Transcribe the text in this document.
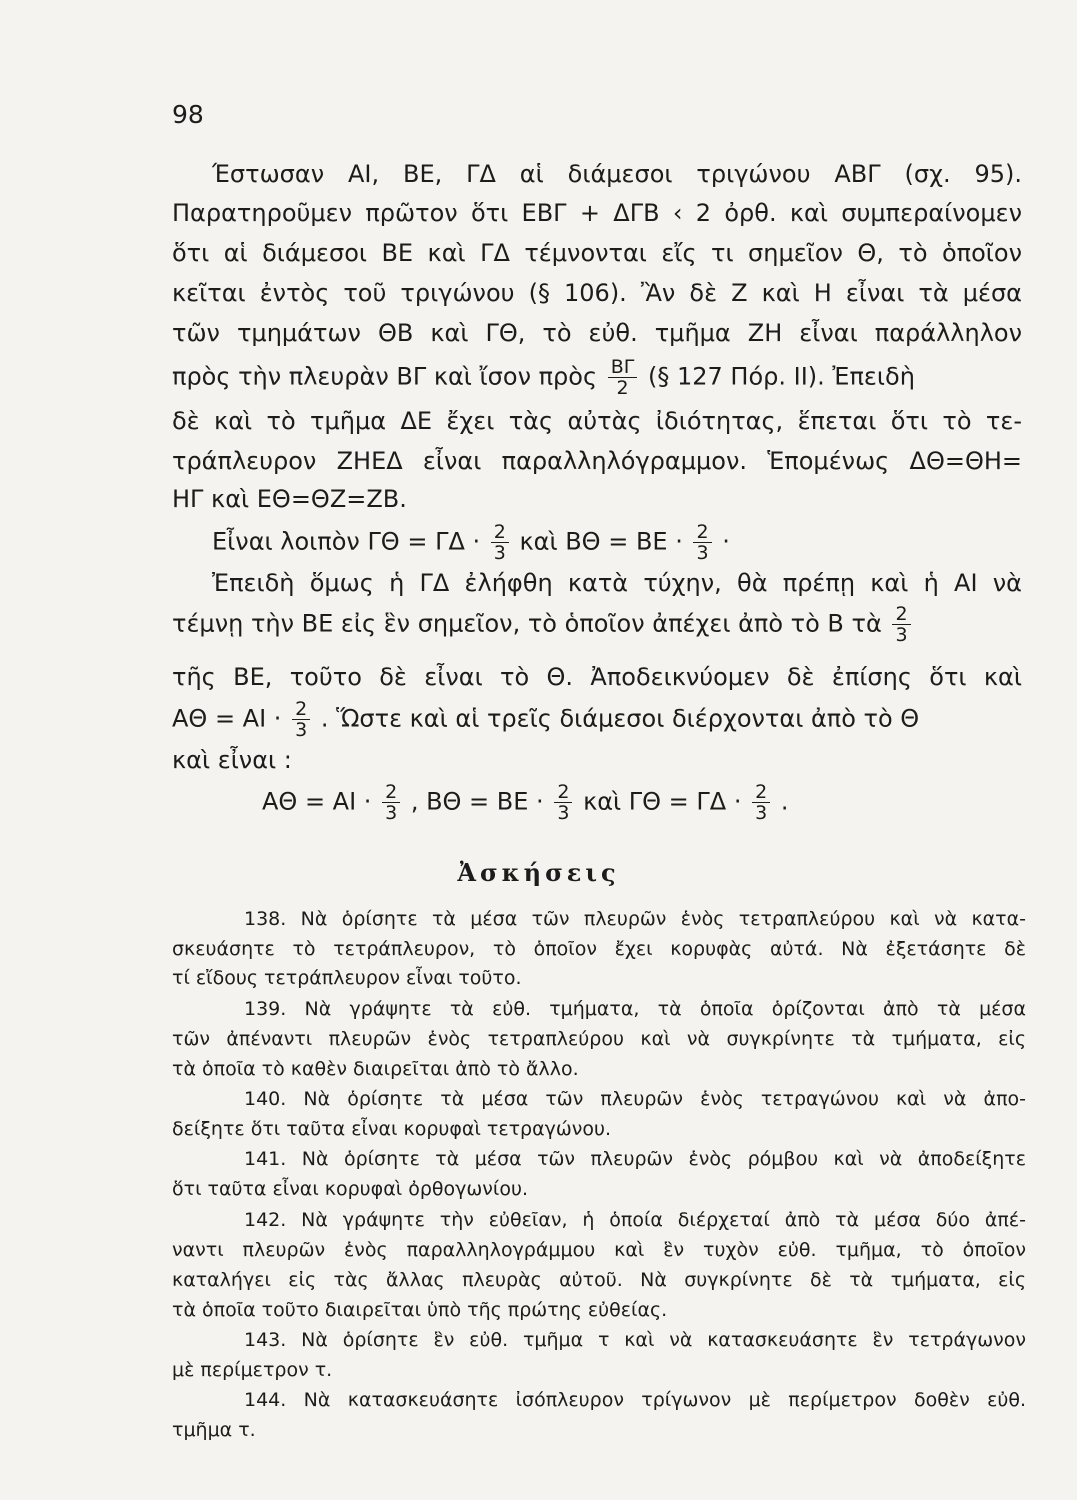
98
Έστωσαν ΑΙ, ΒΕ, ΓΔ αἱ διάμεσοι τριγώνου ΑΒΓ (σχ. 95).
Παρατηροῦμεν πρῶτον ὅτι ΕΒΓ + ΔΓΒ ‹ 2 ὀρθ. καὶ συμπεραίνομεν
ὅτι αἱ διάμεσοι ΒΕ καὶ ΓΔ τέμνονται εἴς τι σημεῖον Θ, τὸ ὁποῖον
κεῖται ἐντὸς τοῦ τριγώνου (§ 106). Ἂν δὲ Ζ καὶ Η εἶναι τὰ μέσα
τῶν τμημάτων ΘΒ καὶ ΓΘ, τὸ εὐθ. τμῆμα ΖΗ εἶναι παράλληλον
πρὸς τὴν πλευρὰν ΒΓ καὶ ἴσον πρὸς $\frac{B\Gamma}{2}$ (§ 127 Πόρ. ΙΙ). Ἐπειδὴ
δὲ καὶ τὸ τμῆμα ΔΕ ἔχει τὰς αὐτὰς ἰδιότητας, ἕπεται ὅτι τὸ τε-
τράπλευρον ΖΗΕΔ εἶναι παραλληλόγραμμον. Ἑπομένως ΔΘ=ΘΗ=
ΗΓ καὶ ΕΘ=ΘΖ=ΖΒ.
Εἶναι λοιπὸν $\Gamma\Theta = \Gamma\Delta \cdot \frac{2}{3}$ καὶ $B\Theta = BE \cdot \frac{2}{3}$ ·
Ἐπειδὴ ὅμως ἡ ΓΔ ἐλήφθη κατὰ τύχην, θὰ πρέπῃ καὶ ἡ ΑΙ νὰ
τέμνῃ τὴν ΒΕ εἰς ἓν σημεῖον, τὸ ὁποῖον ἀπέχει ἀπὸ τὸ Β τὰ $\frac{2}{3}$
τῆς ΒΕ, τοῦτο δὲ εἶναι τὸ Θ. Ἀποδεικνύομεν δὲ ἐπίσης ὅτι καὶ
$A\Theta = AI \cdot \frac{2}{3}$ . Ὥστε καὶ αἱ τρεῖς διάμεσοι διέρχονται ἀπὸ τὸ Θ
καὶ εἶναι :
$A\Theta = AI \cdot \frac{2}{3}$ , $B\Theta = BE \cdot \frac{2}{3}$ καὶ $\Gamma\Theta = \Gamma\Delta \cdot \frac{2}{3}$ .
Ἀσκήσεις
138. Νὰ ὁρίσητε τὰ μέσα τῶν πλευρῶν ἑνὸς τετραπλεύρου καὶ νὰ κατα-
σκευάσητε τὸ τετράπλευρον, τὸ ὁποῖον ἔχει κορυφὰς αὐτά. Νὰ ἐξετάσητε δὲ
τί εἴδους τετράπλευρον εἶναι τοῦτο.
139. Νὰ γράψητε τὰ εὐθ. τμήματα, τὰ ὁποῖα ὁρίζονται ἀπὸ τὰ μέσα
τῶν ἀπέναντι πλευρῶν ἑνὸς τετραπλεύρου καὶ νὰ συγκρίνητε τὰ τμήματα, εἰς
τὰ ὁποῖα τὸ καθὲν διαιρεῖται ἀπὸ τὸ ἄλλο.
140. Νὰ ὁρίσητε τὰ μέσα τῶν πλευρῶν ἑνὸς τετραγώνου καὶ νὰ ἀπο-
δείξητε ὅτι ταῦτα εἶναι κορυφαὶ τετραγώνου.
141. Νὰ ὁρίσητε τὰ μέσα τῶν πλευρῶν ἑνὸς ρόμβου καὶ νὰ ἀποδείξητε
ὅτι ταῦτα εἶναι κορυφαὶ ὀρθογωνίου.
142. Νὰ γράψητε τὴν εὐθεῖαν, ἡ ὁποία διέρχεταί ἀπὸ τὰ μέσα δύο ἀπέ-
ναντι πλευρῶν ἑνὸς παραλληλογράμμου καὶ ἓν τυχὸν εὐθ. τμῆμα, τὸ ὁποῖον
καταλήγει εἰς τὰς ἄλλας πλευρὰς αὐτοῦ. Νὰ συγκρίνητε δὲ τὰ τμήματα, εἰς
τὰ ὁποῖα τοῦτο διαιρεῖται ὑπὸ τῆς πρώτης εὐθείας.
143. Νὰ ὁρίσητε ἓν εὐθ. τμῆμα τ καὶ νὰ κατασκευάσητε ἓν τετράγωνον
μὲ περίμετρον τ.
144. Νὰ κατασκευάσητε ἰσόπλευρον τρίγωνον μὲ περίμετρον δοθὲν εὐθ.
τμῆμα τ.
